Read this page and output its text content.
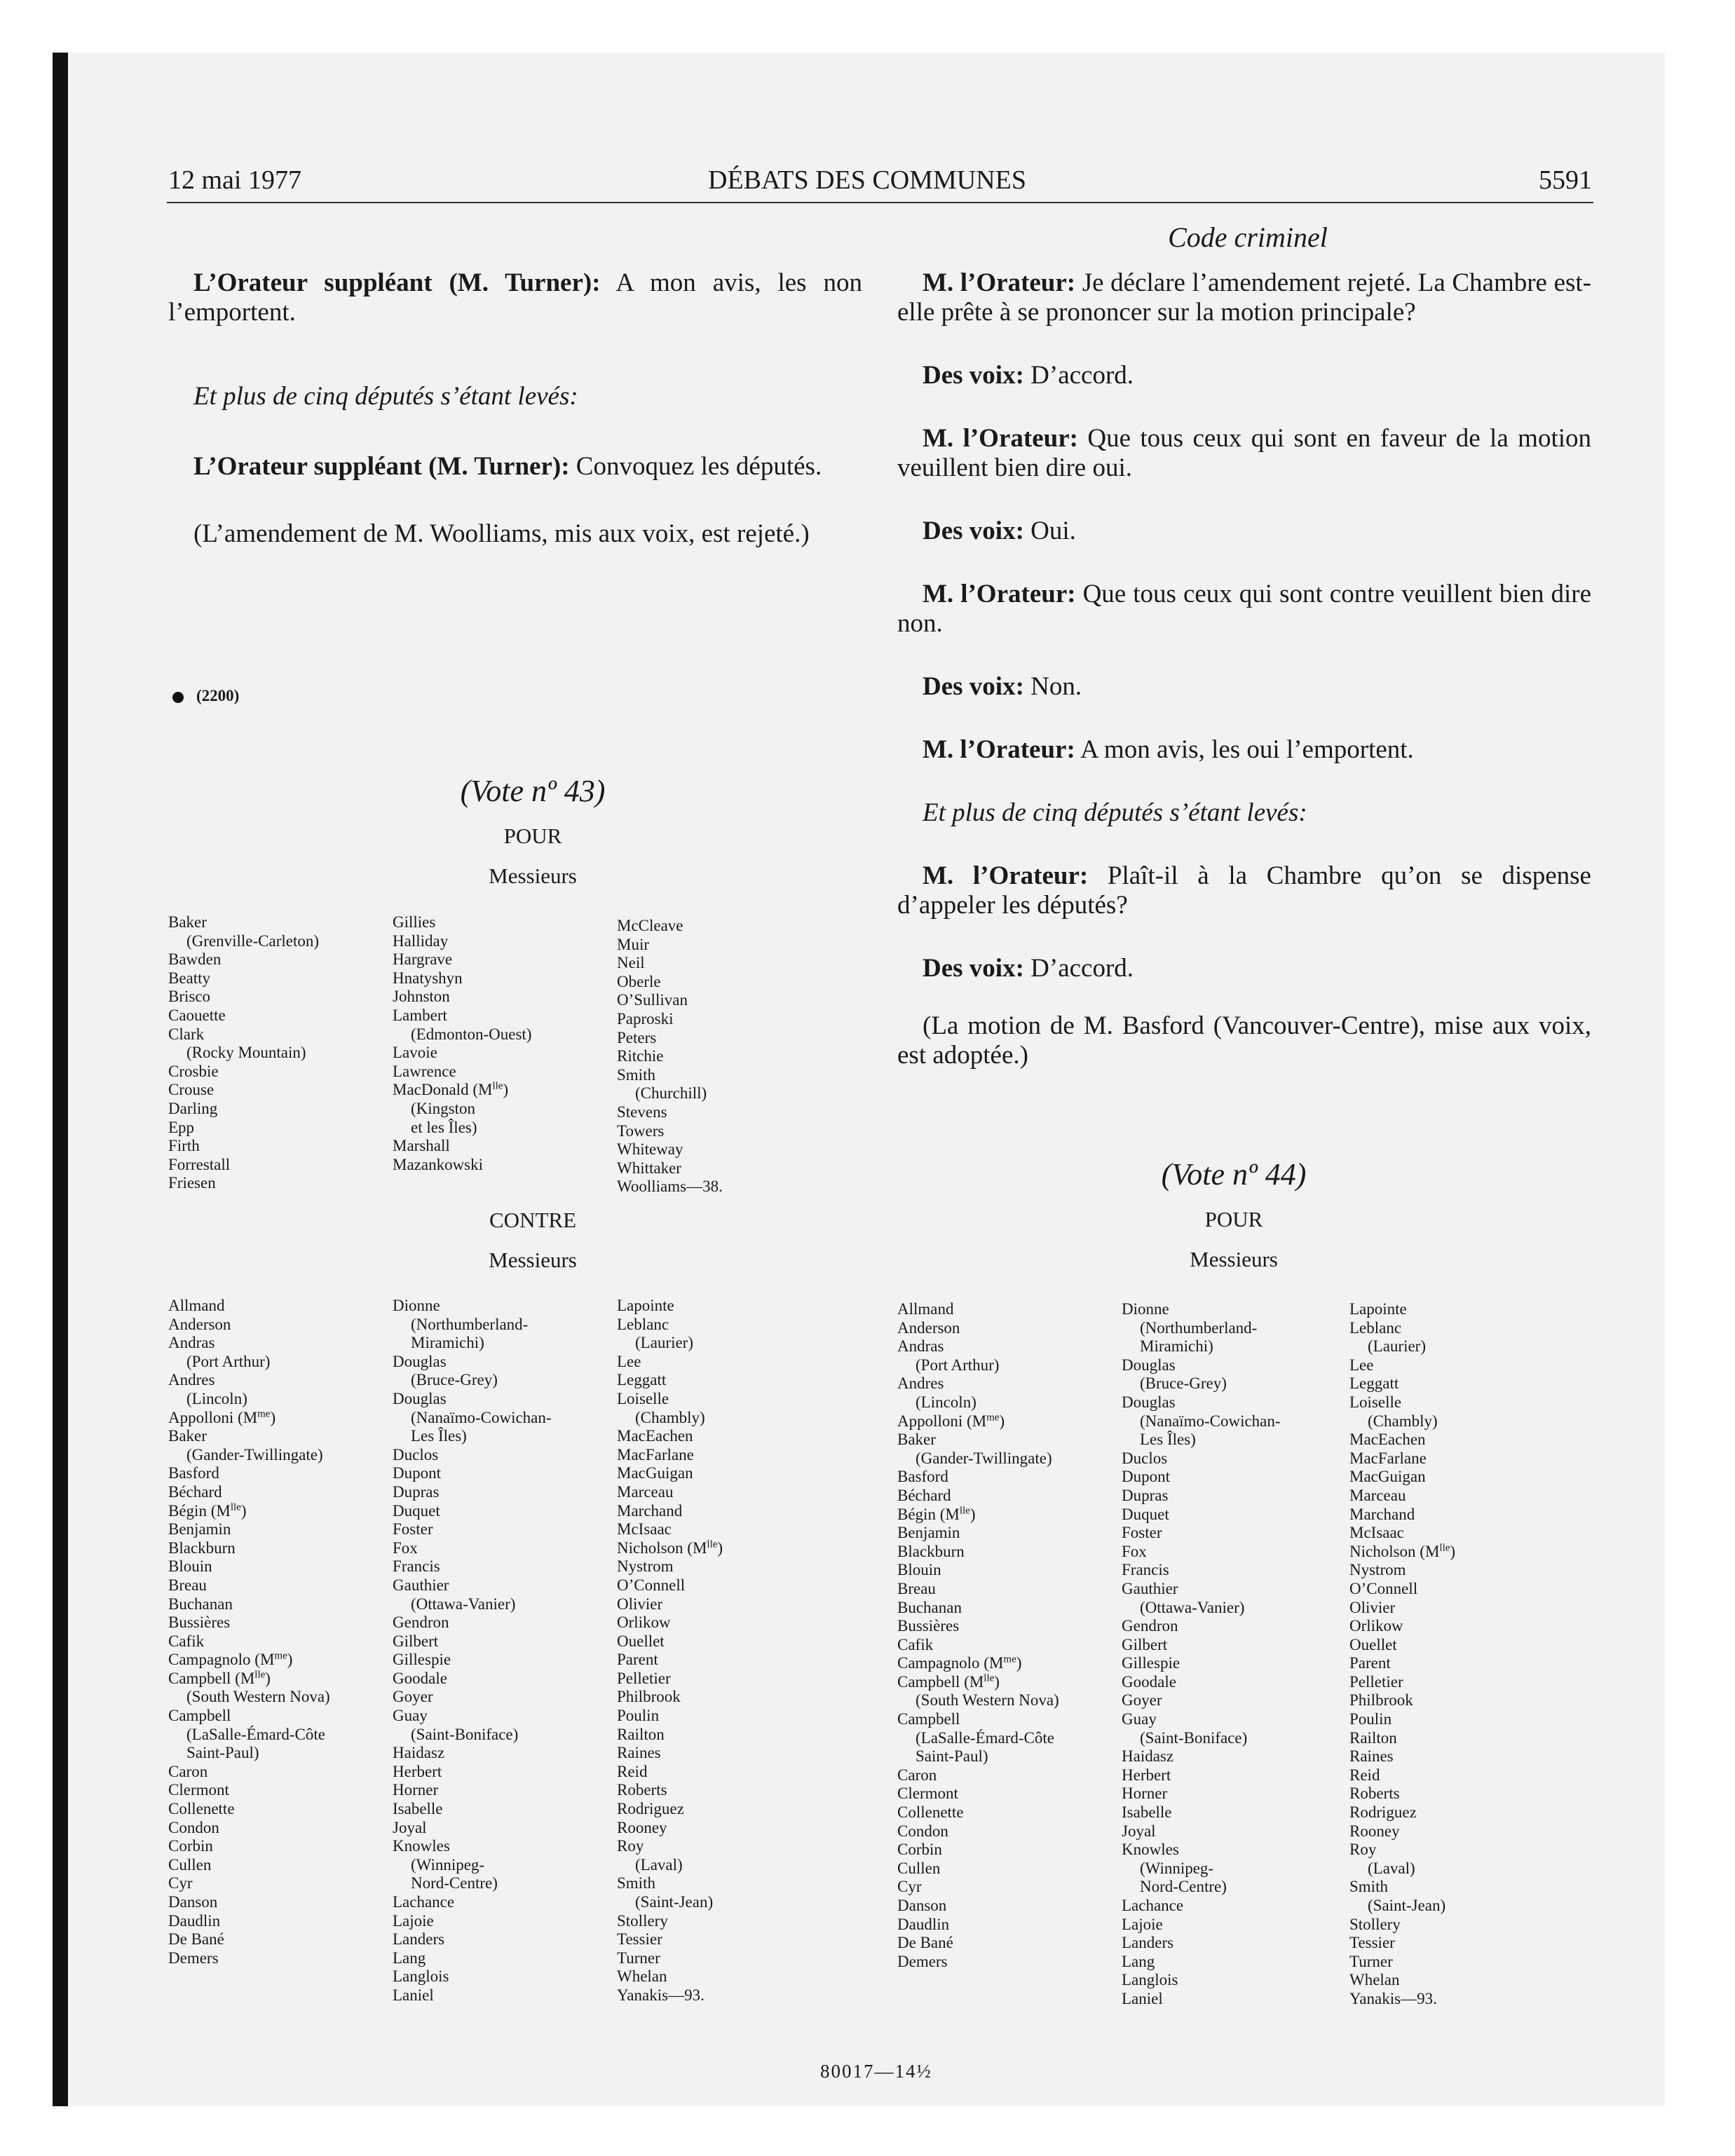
12 mai 1977	DÉBATS DES COMMUNES	5591
Code criminel

L’Orateur suppléant (M. Turner): A mon avis, les non l’emportent.

Et plus de cinq députés s’étant levés:

L’Orateur suppléant (M. Turner): Convoquez les députés.

(L’amendement de M. Woolliams, mis aux voix, est rejeté.)

(2200)
(Vote nº 43)
POUR
Messieurs
Baker
(Grenville-Carleton)
Bawden
Beatty
Brisco
Caouette
Clark
(Rocky Mountain)
Crosbie
Crouse
Darling
Epp
Firth
Forrestall
Friesen
Gillies
Halliday
Hargrave
Hnatyshyn
Johnston
Lambert
(Edmonton-Ouest)
Lavoie
Lawrence
MacDonald $(M^{lle})$
(Kingston
et les Îles)
Marshall
Mazankowski
McCleave
Muir
Neil
Oberle
O’Sullivan
Paproski
Peters
Ritchie
Smith
(Churchill)
Stevens
Towers
Whiteway
Whittaker
Woolliams—38.
CONTRE
Messieurs
Allmand
Anderson
Andras
(Port Arthur)
Andres
(Lincoln)
Appolloni $(M^{me})$
Baker
(Gander-Twillingate)
Basford
Béchard
Bégin $(M^{lle})$
Benjamin
Blackburn
Blouin
Breau
Buchanan
Bussières
Cafik
Campagnolo $(M^{me})$
Campbell $(M^{lle})$
(South Western Nova)
Campbell
(LaSalle-Émard-Côte
Saint-Paul)
Caron
Clermont
Collenette
Condon
Corbin
Cullen
Cyr
Danson
Daudlin
De Bané
Demers
Dionne
(Northumberland-
Miramichi)
Douglas
(Bruce-Grey)
Douglas
(Nanaïmo-Cowichan-
Les Îles)
Duclos
Dupont
Dupras
Duquet
Foster
Fox
Francis
Gauthier
(Ottawa-Vanier)
Gendron
Gilbert
Gillespie
Goodale
Goyer
Guay
(Saint-Boniface)
Haidasz
Herbert
Horner
Isabelle
Joyal
Knowles
(Winnipeg-
Nord-Centre)
Lachance
Lajoie
Landers
Lang
Langlois
Laniel
Lapointe
Leblanc
(Laurier)
Lee
Leggatt
Loiselle
(Chambly)
MacEachen
MacFarlane
MacGuigan
Marceau
Marchand
McIsaac
Nicholson $(M^{lle})$
Nystrom
O’Connell
Olivier
Orlikow
Ouellet
Parent
Pelletier
Philbrook
Poulin
Railton
Raines
Reid
Roberts
Rodriguez
Rooney
Roy
(Laval)
Smith
(Saint-Jean)
Stollery
Tessier
Turner
Whelan
Yanakis—93.

M. l’Orateur: Je déclare l’amendement rejeté. La Chambre est-elle prête à se prononcer sur la motion principale?

Des voix: D’accord.

M. l’Orateur: Que tous ceux qui sont en faveur de la motion veuillent bien dire oui.

Des voix: Oui.

M. l’Orateur: Que tous ceux qui sont contre veuillent bien dire non.

Des voix: Non.

M. l’Orateur: A mon avis, les oui l’emportent.

Et plus de cinq députés s’étant levés:

M. l’Orateur: Plaît-il à la Chambre qu’on se dispense d’appeler les députés?

Des voix: D’accord.

(La motion de M. Basford (Vancouver-Centre), mise aux voix, est adoptée.)

(Vote nº 44)
POUR
Messieurs
Allmand
Anderson
Andras
(Port Arthur)
Andres
(Lincoln)
Appolloni $(M^{me})$
Baker
(Gander-Twillingate)
Basford
Béchard
Bégin $(M^{lle})$
Benjamin
Blackburn
Blouin
Breau
Buchanan
Bussières
Cafik
Campagnolo $(M^{me})$
Campbell $(M^{lle})$
(South Western Nova)
Campbell
(LaSalle-Émard-Côte
Saint-Paul)
Caron
Clermont
Collenette
Condon
Corbin
Cullen
Cyr
Danson
Daudlin
De Bané
Demers
Dionne
(Northumberland-
Miramichi)
Douglas
(Bruce-Grey)
Douglas
(Nanaïmo-Cowichan-
Les Îles)
Duclos
Dupont
Dupras
Duquet
Foster
Fox
Francis
Gauthier
(Ottawa-Vanier)
Gendron
Gilbert
Gillespie
Goodale
Goyer
Guay
(Saint-Boniface)
Haidasz
Herbert
Horner
Isabelle
Joyal
Knowles
(Winnipeg-
Nord-Centre)
Lachance
Lajoie
Landers
Lang
Langlois
Laniel
Lapointe
Leblanc
(Laurier)
Lee
Leggatt
Loiselle
(Chambly)
MacEachen
MacFarlane
MacGuigan
Marceau
Marchand
McIsaac
Nicholson $(M^{lle})$
Nystrom
O’Connell
Olivier
Orlikow
Ouellet
Parent
Pelletier
Philbrook
Poulin
Railton
Raines
Reid
Roberts
Rodriguez
Rooney
Roy
(Laval)
Smith
(Saint-Jean)
Stollery
Tessier
Turner
Whelan
Yanakis—93.
80017—14½
